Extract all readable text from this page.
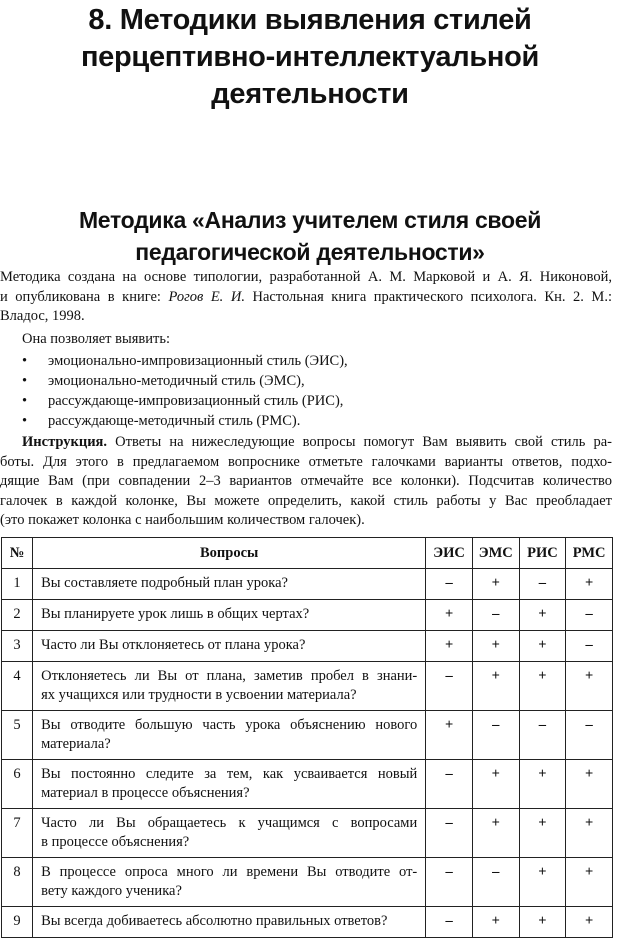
8. Методики выявления стилей
перцептивно-интеллектуальной
деятельности
Методика «Анализ учителем стиля своей
педагогической деятельности»
Методика создана на основе типологии, разработанной А. М. Марковой и А. Я. Никоновой,
и опубликована в книге: Рогов Е. И. Настольная книга практического психолога. Кн. 2. М.:
Владос, 1998.
Она позволяет выявить:
• эмоционально-импровизационный стиль (ЭИС),
• эмоционально-методичный стиль (ЭМС),
• рассуждающе-импровизационный стиль (РИС),
• рассуждающе-методичный стиль (РМС).
Инструкция. Ответы на нижеследующие вопросы помогут Вам выявить свой стиль ра-
боты. Для этого в предлагаемом вопроснике отметьте галочками варианты ответов, подхо-
дящие Вам (при совпадении 2–3 вариантов отмечайте все колонки). Подсчитав количество
галочек в каждой колонке, Вы можете определить, какой стиль работы у Вас преобладает
(это покажет колонка с наибольшим количеством галочек).
№	Вопросы	ЭИС	ЭМС	РИС	РМС
1	Вы составляете подробный план урока?	–	+	–	+
2	Вы планируете урок лишь в общих чертах?	+	–	+	–
3	Часто ли Вы отклоняетесь от плана урока?	+	+	+	–
4	Отклоняетесь ли Вы от плана, заметив пробел в знани-
ях учащихся или трудности в усвоении материала?	–	+	+	+
5	Вы отводите большую часть урока объяснению нового
материала?	+	–	–	–
6	Вы постоянно следите за тем, как усваивается новый
материал в процессе объяснения?	–	+	+	+
7	Часто ли Вы обращаетесь к учащимся с вопросами
в процессе объяснения?	–	+	+	+
8	В процессе опроса много ли времени Вы отводите от-
вету каждого ученика?	–	–	+	+
9	Вы всегда добиваетесь абсолютно правильных ответов?	–	+	+	+
